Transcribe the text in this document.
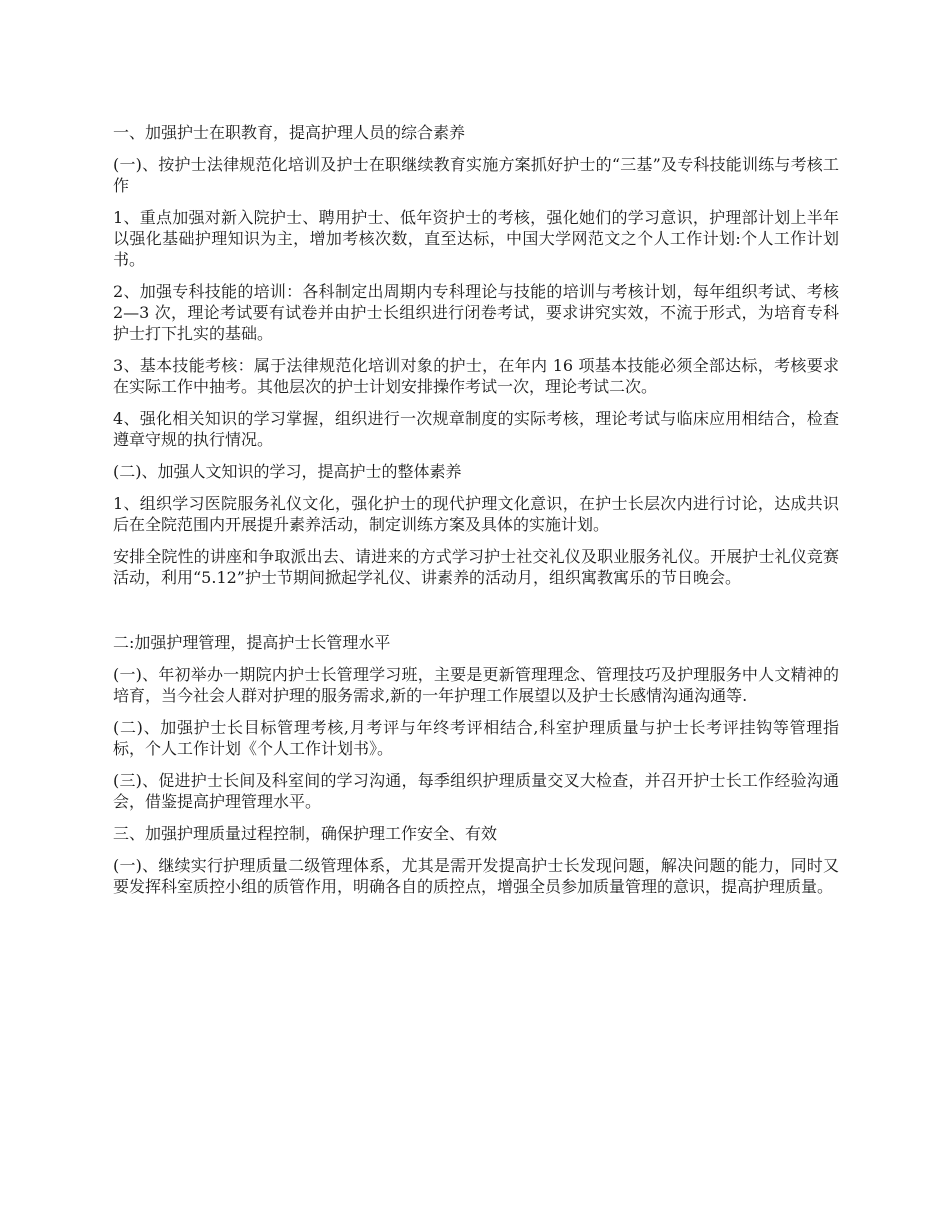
一、加强护士在职教育，提高护理人员的综合素养

(一)、按护士法律规范化培训及护士在职继续教育实施方案抓好护士的“三基”及专科技能训练与考核工作

1、重点加强对新入院护士、聘用护士、低年资护士的考核，强化她们的学习意识，护理部计划上半年以强化基础护理知识为主，增加考核次数，直至达标，中国大学网范文之个人工作计划:个人工作计划书。

2、加强专科技能的培训：各科制定出周期内专科理论与技能的培训与考核计划，每年组织考试、考核 2—3 次，理论考试要有试卷并由护士长组织进行闭卷考试，要求讲究实效，不流于形式，为培育专科护士打下扎实的基础。

3、基本技能考核：属于法律规范化培训对象的护士，在年内 16 项基本技能必须全部达标，考核要求在实际工作中抽考。其他层次的护士计划安排操作考试一次，理论考试二次。

4、强化相关知识的学习掌握，组织进行一次规章制度的实际考核，理论考试与临床应用相结合，检查遵章守规的执行情况。

(二)、加强人文知识的学习，提高护士的整体素养

1、组织学习医院服务礼仪文化，强化护士的现代护理文化意识，在护士长层次内进行讨论，达成共识后在全院范围内开展提升素养活动，制定训练方案及具体的实施计划。

安排全院性的讲座和争取派出去、请进来的方式学习护士社交礼仪及职业服务礼仪。开展护士礼仪竞赛活动，利用“5.12”护士节期间掀起学礼仪、讲素养的活动月，组织寓教寓乐的节日晚会。

二:加强护理管理，提高护士长管理水平

(一)、年初举办一期院内护士长管理学习班，主要是更新管理理念、管理技巧及护理服务中人文精神的培育，当今社会人群对护理的服务需求,新的一年护理工作展望以及护士长感情沟通沟通等.

(二)、加强护士长目标管理考核,月考评与年终考评相结合,科室护理质量与护士长考评挂钩等管理指标，个人工作计划《个人工作计划书》。

(三)、促进护士长间及科室间的学习沟通，每季组织护理质量交叉大检查，并召开护士长工作经验沟通会，借鉴提高护理管理水平。

三、加强护理质量过程控制，确保护理工作安全、有效

(一)、继续实行护理质量二级管理体系，尤其是需开发提高护士长发现问题，解决问题的能力，同时又要发挥科室质控小组的质管作用，明确各自的质控点，增强全员参加质量管理的意识，提高护理质量。
